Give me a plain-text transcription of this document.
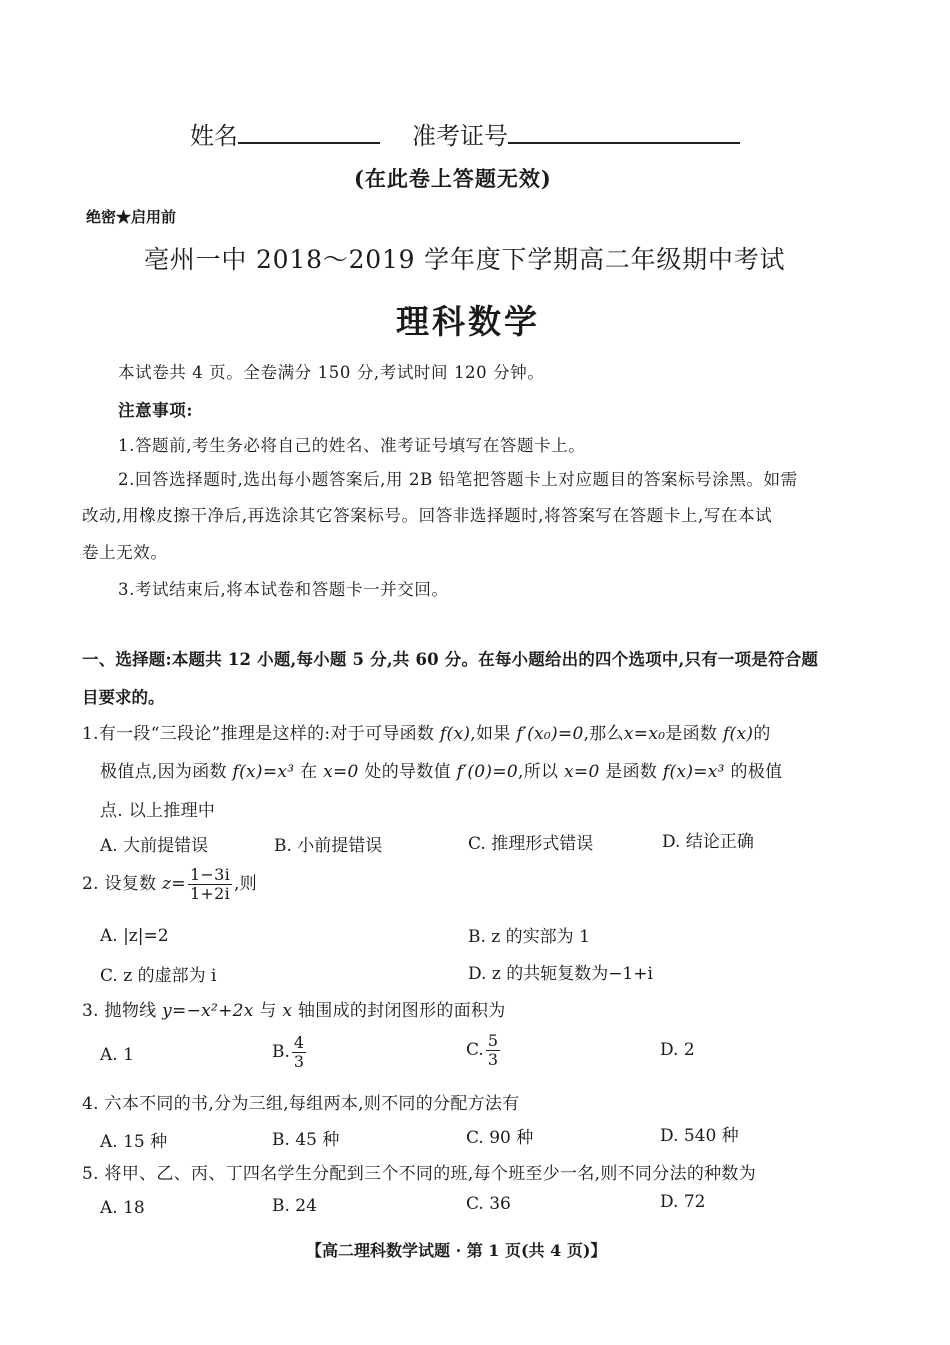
姓名	准考证号
(在此卷上答题无效)
绝密★启用前
亳州一中 2018～2019 学年度下学期高二年级期中考试
理科数学
本试卷共 4 页。全卷满分 150 分,考试时间 120 分钟。
注意事项:
1.答题前,考生务必将自己的姓名、准考证号填写在答题卡上。
2.回答选择题时,选出每小题答案后,用 2B 铅笔把答题卡上对应题目的答案标号涂黑。如需
改动,用橡皮擦干净后,再选涂其它答案标号。回答非选择题时,将答案写在答题卡上,写在本试
卷上无效。
3.考试结束后,将本试卷和答题卡一并交回。
一、选择题:本题共 12 小题,每小题 5 分,共 60 分。在每小题给出的四个选项中,只有一项是符合题
目要求的。
1.有一段“三段论”推理是这样的:对于可导函数 f(x),如果 f′(x₀)=0,那么x=x₀是函数 f(x)的
极值点,因为函数 f(x)=x³ 在 x=0 处的导数值 f′(0)=0,所以 x=0 是函数 f(x)=x³ 的极值
点. 以上推理中
A. 大前提错误	B. 小前提错误	C. 推理形式错误	D. 结论正确
2. 设复数 $z= \frac{1-3i}{1+2i}$ ,则
A. |z|=2	B. z 的实部为 1
C. z 的虚部为 i	D. z 的共轭复数为−1+i
3. 抛物线 y=−x²+2x 与 x 轴围成的封闭图形的面积为
A. 1	B. $\frac{4}{3}$	C. $\frac{5}{3}$	D. 2
4. 六本不同的书,分为三组,每组两本,则不同的分配方法有
A. 15 种	B. 45 种	C. 90 种	D. 540 种
5. 将甲、乙、丙、丁四名学生分配到三个不同的班,每个班至少一名,则不同分法的种数为
A. 18	B. 24	C. 36	D. 72
【高二理科数学试题 · 第 1 页(共 4 页)】
